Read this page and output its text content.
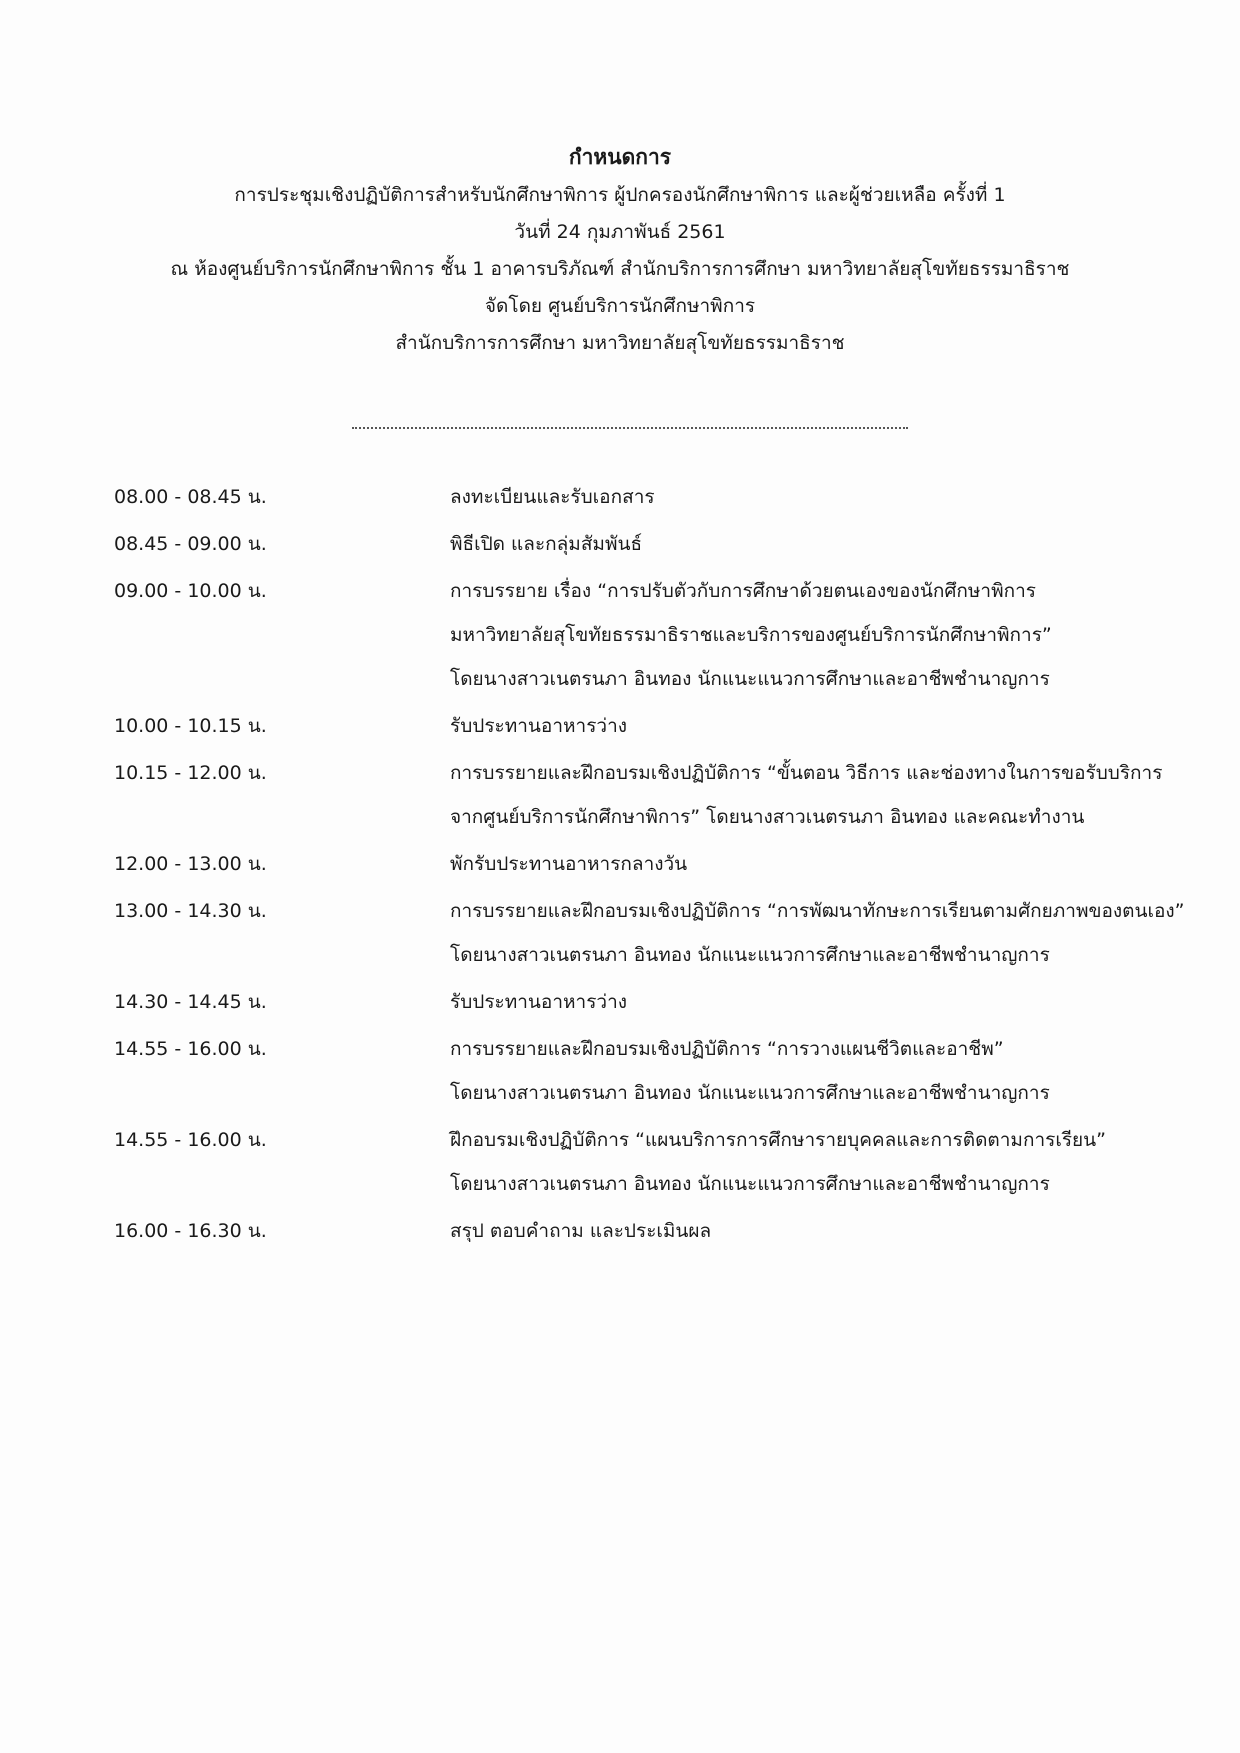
กำหนดการ
การประชุมเชิงปฏิบัติการสำหรับนักศึกษาพิการ ผู้ปกครองนักศึกษาพิการ และผู้ช่วยเหลือ ครั้งที่ 1
วันที่ 24 กุมภาพันธ์ 2561
ณ ห้องศูนย์บริการนักศึกษาพิการ ชั้น 1 อาคารบริภัณฑ์ สำนักบริการการศึกษา มหาวิทยาลัยสุโขทัยธรรมาธิราช
จัดโดย ศูนย์บริการนักศึกษาพิการ
สำนักบริการการศึกษา มหาวิทยาลัยสุโขทัยธรรมาธิราช
08.00 - 08.45 น.	ลงทะเบียนและรับเอกสาร
08.45 - 09.00 น.	พิธีเปิด และกลุ่มสัมพันธ์
09.00 - 10.00 น.	การบรรยาย เรื่อง “การปรับตัวกับการศึกษาด้วยตนเองของนักศึกษาพิการ
มหาวิทยาลัยสุโขทัยธรรมาธิราชและบริการของศูนย์บริการนักศึกษาพิการ”
โดยนางสาวเนตรนภา อินทอง นักแนะแนวการศึกษาและอาชีพชำนาญการ
10.00 - 10.15 น.	รับประทานอาหารว่าง
10.15 - 12.00 น.	การบรรยายและฝึกอบรมเชิงปฏิบัติการ “ขั้นตอน วิธีการ และช่องทางในการขอรับบริการ
จากศูนย์บริการนักศึกษาพิการ” โดยนางสาวเนตรนภา อินทอง และคณะทำงาน
12.00 - 13.00 น.	พักรับประทานอาหารกลางวัน
13.00 - 14.30 น.	การบรรยายและฝึกอบรมเชิงปฏิบัติการ “การพัฒนาทักษะการเรียนตามศักยภาพของตนเอง”
โดยนางสาวเนตรนภา อินทอง นักแนะแนวการศึกษาและอาชีพชำนาญการ
14.30 - 14.45 น.	รับประทานอาหารว่าง
14.55 - 16.00 น.	การบรรยายและฝึกอบรมเชิงปฏิบัติการ “การวางแผนชีวิตและอาชีพ”
โดยนางสาวเนตรนภา อินทอง นักแนะแนวการศึกษาและอาชีพชำนาญการ
14.55 - 16.00 น.	ฝึกอบรมเชิงปฏิบัติการ “แผนบริการการศึกษารายบุคคลและการติดตามการเรียน”
โดยนางสาวเนตรนภา อินทอง นักแนะแนวการศึกษาและอาชีพชำนาญการ
16.00 - 16.30 น.	สรุป ตอบคำถาม และประเมินผล
